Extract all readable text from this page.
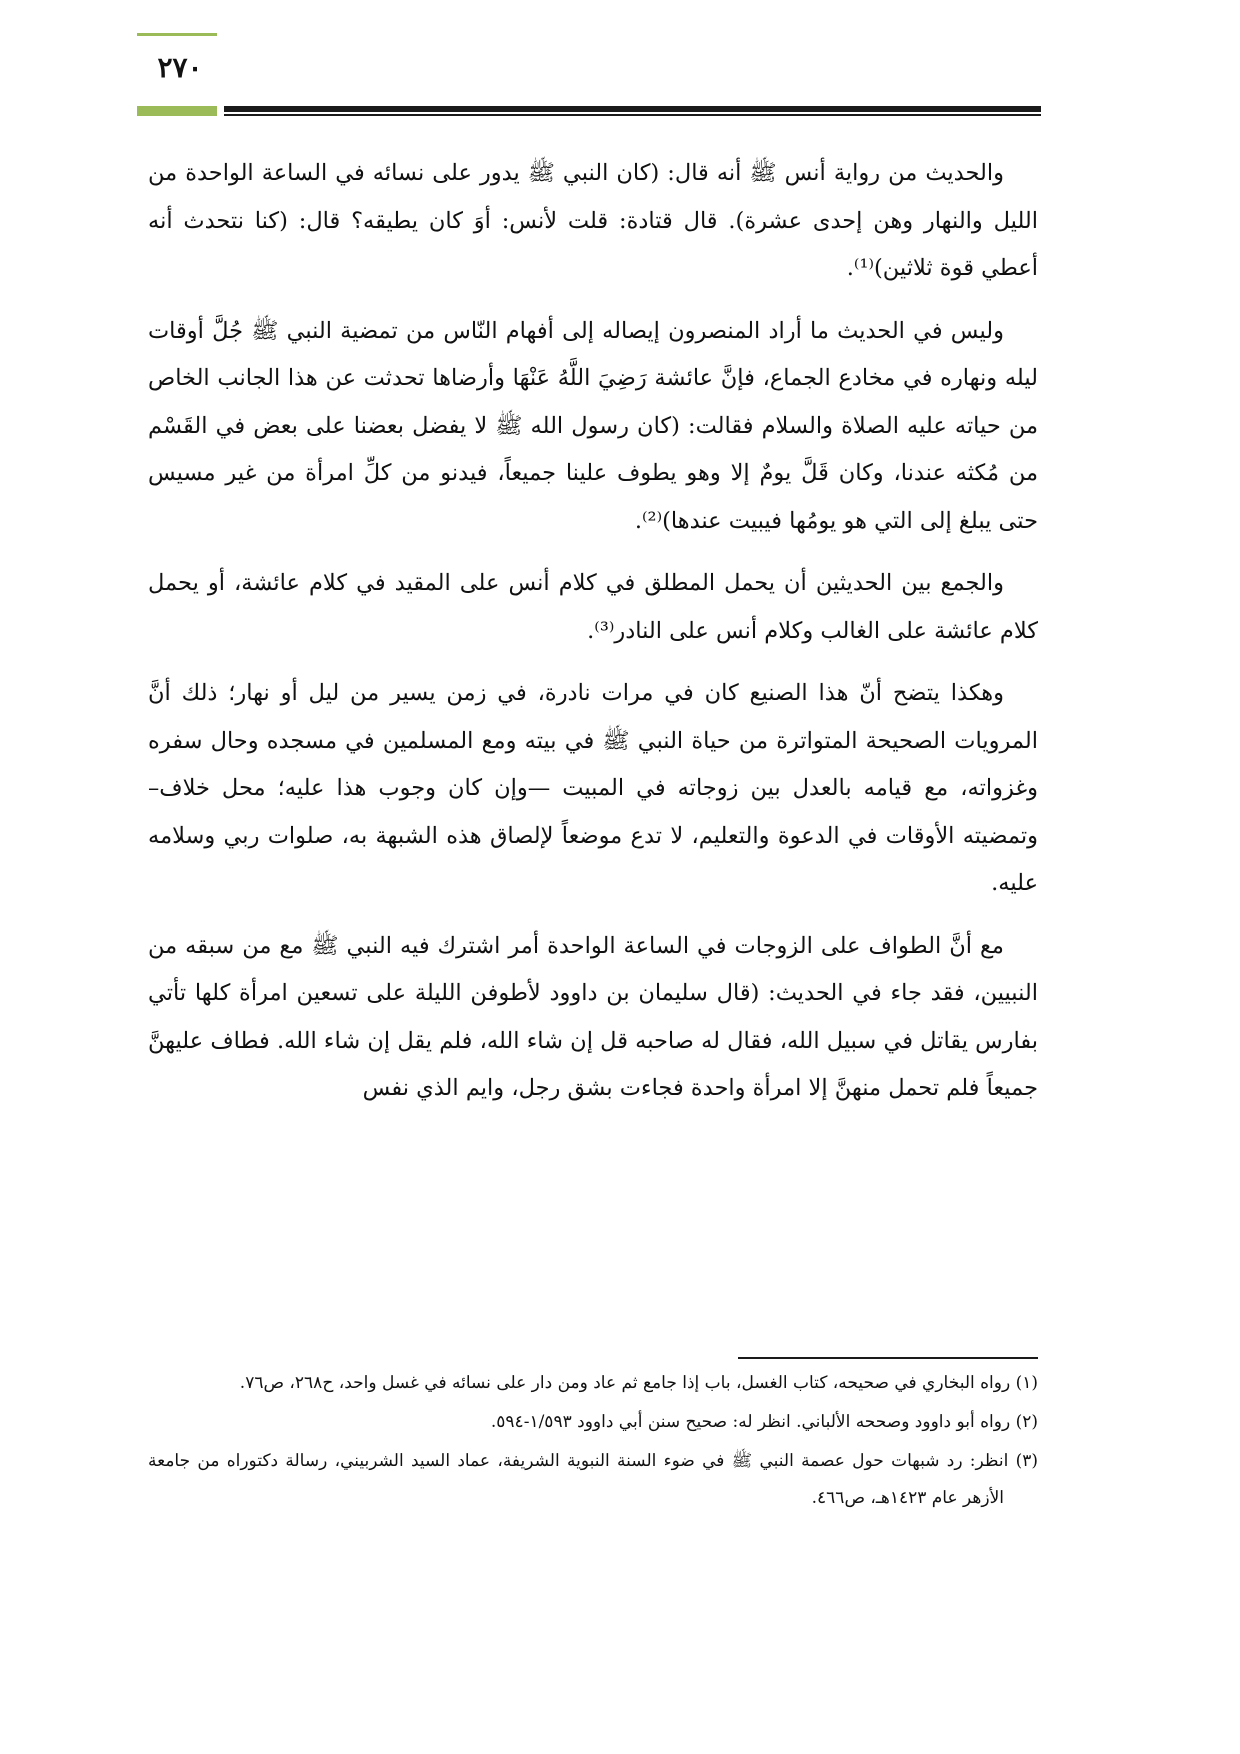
٢٧٠

والحديث من رواية أنس ﷺ أنه قال: (كان النبي ﷺ يدور على نسائه في الساعة الواحدة من الليل والنهار وهن إحدى عشرة). قال قتادة: قلت لأنس: أوَ كان يطيقه؟ قال: (كنا نتحدث أنه أعطي قوة ثلاثين)⁽¹⁾.

وليس في الحديث ما أراد المنصرون إيصاله إلى أفهام النّاس من تمضية النبي ﷺ جُلَّ أوقات ليله ونهاره في مخادع الجماع، فإنَّ عائشة رَضِيَ اللَّهُ عَنْهَا وأرضاها تحدثت عن هذا الجانب الخاص من حياته عليه الصلاة والسلام فقالت: (كان رسول الله ﷺ لا يفضل بعضنا على بعض في القَسْم من مُكثه عندنا، وكان قَلَّ يومٌ إلا وهو يطوف علينا جميعاً، فيدنو من كلِّ امرأة من غير مسيس حتى يبلغ إلى التي هو يومُها فيبيت عندها)⁽²⁾.

والجمع بين الحديثين أن يحمل المطلق في كلام أنس على المقيد في كلام عائشة، أو يحمل كلام عائشة على الغالب وكلام أنس على النادر⁽³⁾.

وهكذا يتضح أنّ هذا الصنيع كان في مرات نادرة، في زمن يسير من ليل أو نهار؛ ذلك أنَّ المرويات الصحيحة المتواترة من حياة النبي ﷺ في بيته ومع المسلمين في مسجده وحال سفره وغزواته، مع قيامه بالعدل بين زوجاته في المبيت —وإن كان وجوب هذا عليه؛ محل خلاف– وتمضيته الأوقات في الدعوة والتعليم، لا تدع موضعاً لإلصاق هذه الشبهة به، صلوات ربي وسلامه عليه.

مع أنَّ الطواف على الزوجات في الساعة الواحدة أمر اشترك فيه النبي ﷺ مع من سبقه من النبيين، فقد جاء في الحديث: (قال سليمان بن داوود لأطوفن الليلة على تسعين امرأة كلها تأتي بفارس يقاتل في سبيل الله، فقال له صاحبه قل إن شاء الله، فلم يقل إن شاء الله. فطاف عليهنَّ جميعاً فلم تحمل منهنَّ إلا امرأة واحدة فجاءت بشق رجل، وايم الذي نفس

(١) رواه البخاري في صحيحه، كتاب الغسل، باب إذا جامع ثم عاد ومن دار على نسائه في غسل واحد، ح٢٦٨، ص٧٦.

(٢) رواه أبو داوود وصححه الألباني. انظر له: صحيح سنن أبي داوود ١/٥٩٣-٥٩٤.

(٣) انظر: رد شبهات حول عصمة النبي ﷺ في ضوء السنة النبوية الشريفة، عماد السيد الشربيني، رسالة دكتوراه من جامعة الأزهر عام ١٤٢٣هـ، ص٤٦٦.
